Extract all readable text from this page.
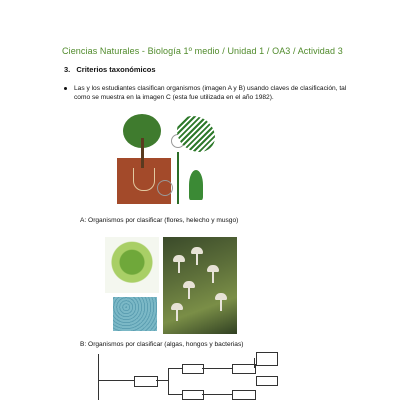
Ciencias Naturales - Biología 1º medio / Unidad 1 / OA3 / Actividad 3
3. Criterios taxonómicos
Las y los estudiantes clasifican organismos (imagen A y B) usando claves de clasificación, tal como se muestra en la imagen C (esta fue utilizada en el año 1982).
A: Organismos por clasificar (flores, helecho y musgo)
B: Organismos por clasificar (algas, hongos y bacterias)
